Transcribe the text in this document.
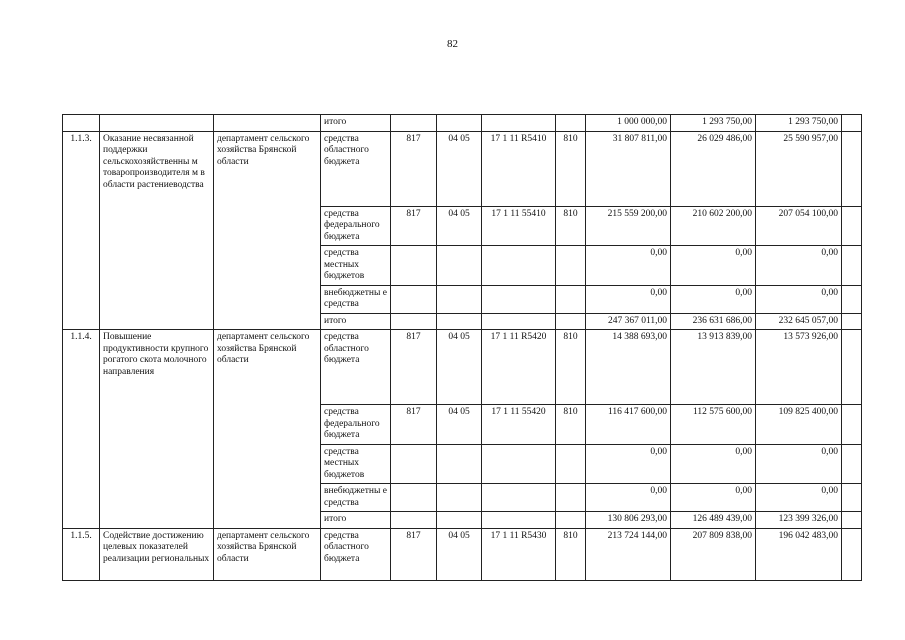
82
			итого					1 000 000,00	1 293 750,00	1 293 750,00	
1.1.3.	Оказание несвязанной поддержки сельскохозяйственны м товаропроизводителя м в области растениеводства	департамент сельского хозяйства Брянской области	средства областного бюджета	817	04 05	17 1 11 R5410	810	31 807 811,00	26 029 486,00	25 590 957,00	
			средства федерального бюджета	817	04 05	17 1 11 55410	810	215 559 200,00	210 602 200,00	207 054 100,00	
			средства местных бюджетов					0,00	0,00	0,00	
			внебюджетны е средства					0,00	0,00	0,00	
			итого					247 367 011,00	236 631 686,00	232 645 057,00	
1.1.4.	Повышение продуктивности крупного рогатого скота молочного направления	департамент сельского хозяйства Брянской области	средства областного бюджета	817	04 05	17 1 11 R5420	810	14 388 693,00	13 913 839,00	13 573 926,00	
			средства федерального бюджета	817	04 05	17 1 11 55420	810	116 417 600,00	112 575 600,00	109 825 400,00	
			средства местных бюджетов					0,00	0,00	0,00	
			внебюджетны е средства					0,00	0,00	0,00	
			итого					130 806 293,00	126 489 439,00	123 399 326,00	
1.1.5.	Содействие достижению целевых показателей реализации региональных	департамент сельского хозяйства Брянской области	средства областного бюджета	817	04 05	17 1 11 R5430	810	213 724 144,00	207 809 838,00	196 042 483,00	
